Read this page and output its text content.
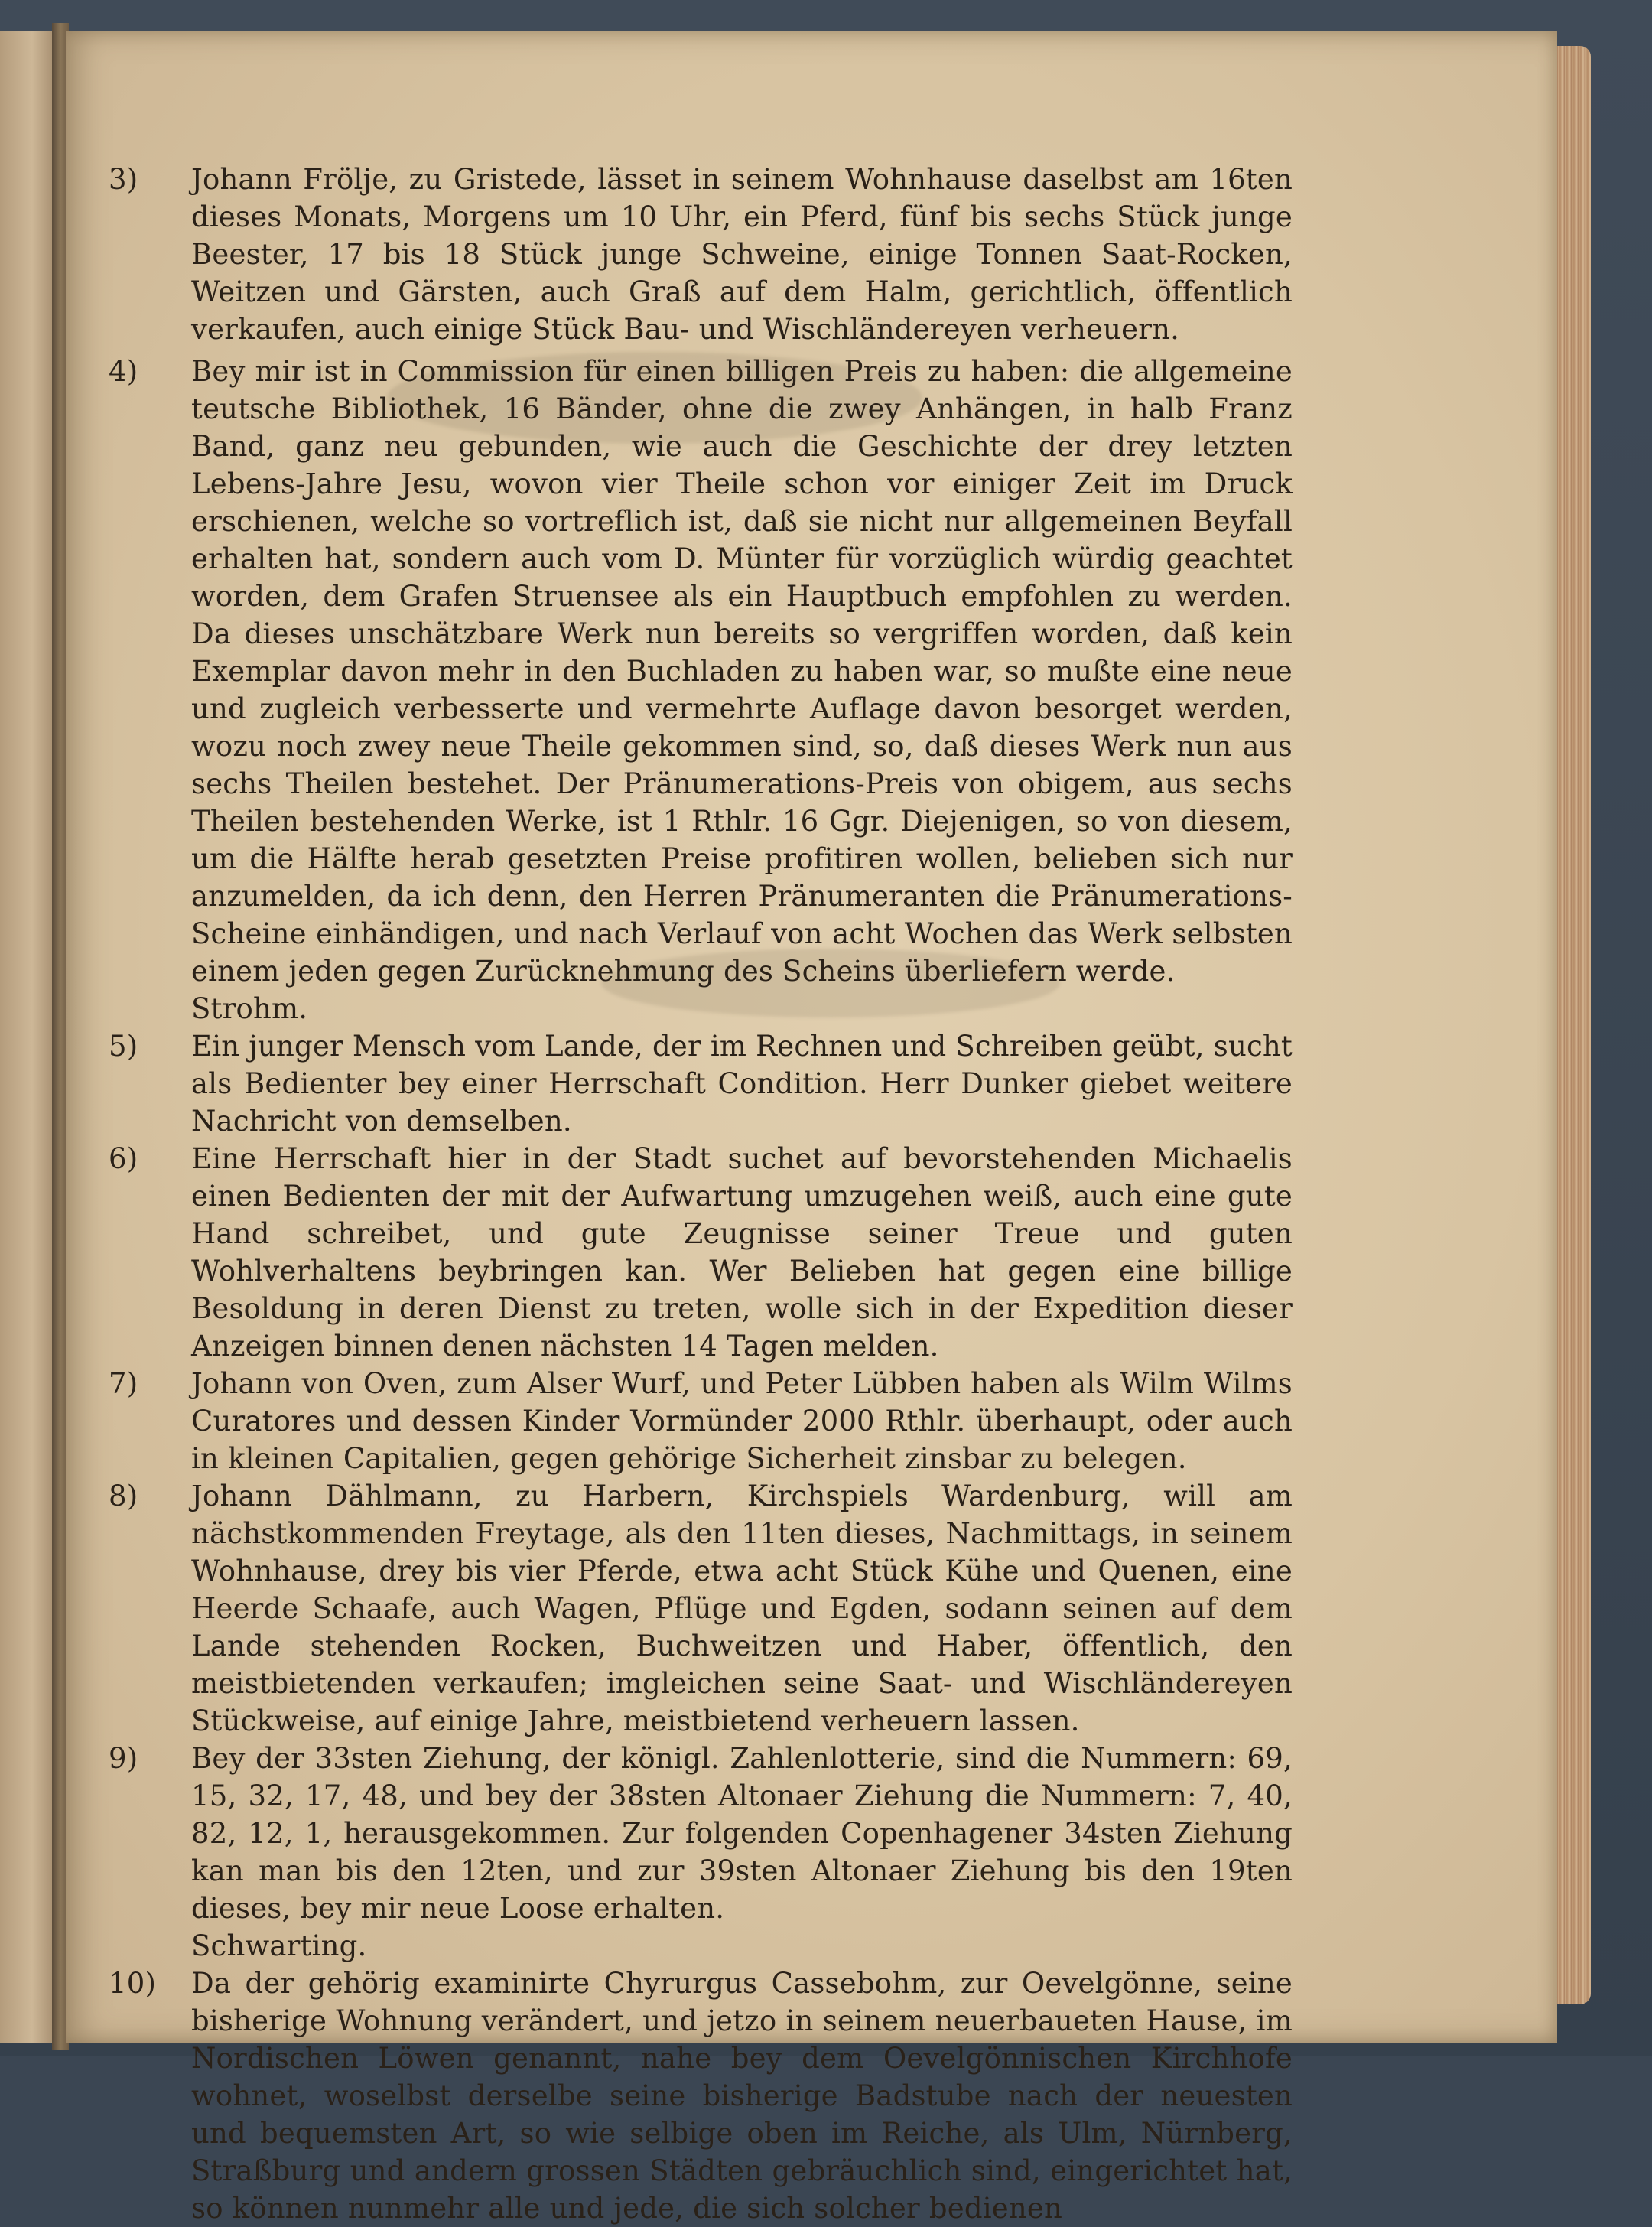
3)	Johann Frölje, zu Gristede, lässet in seinem Wohnhause daselbst am 16ten dieses Monats, Morgens um 10 Uhr, ein Pferd, fünf bis sechs Stück junge Beester, 17 bis 18 Stück junge Schweine, einige Tonnen Saat-Rocken, Weitzen und Gärsten, auch Graß auf dem Halm, gerichtlich, öffentlich verkaufen, auch einige Stück Bau- und Wischländereyen verheuern.

4)	Bey mir ist in Commission für einen billigen Preis zu haben: die allgemeine teutsche Bibliothek, 16 Bänder, ohne die zwey Anhängen, in halb Franz Band, ganz neu gebunden, wie auch die Geschichte der drey letzten Lebens-Jahre Jesu, wovon vier Theile schon vor einiger Zeit im Druck erschienen, welche so vortreflich ist, daß sie nicht nur allgemeinen Beyfall erhalten hat, sondern auch vom D. Münter für vorzüglich würdig geachtet worden, dem Grafen Struensee als ein Hauptbuch empfohlen zu werden. Da dieses unschätzbare Werk nun bereits so vergriffen worden, daß kein Exemplar davon mehr in den Buchladen zu haben war, so mußte eine neue und zugleich verbesserte und vermehrte Auflage davon besorget werden, wozu noch zwey neue Theile gekommen sind, so, daß dieses Werk nun aus sechs Theilen bestehet. Der Pränumerations-Preis von obigem, aus sechs Theilen bestehenden Werke, ist 1 Rthlr. 16 Ggr. Diejenigen, so von diesem, um die Hälfte herab gesetzten Preise profitiren wollen, belieben sich nur anzumelden, da ich denn, den Herren Pränumeranten die Pränumerations-Scheine einhändigen, und nach Verlauf von acht Wochen das Werk selbsten einem jeden gegen Zurücknehmung des Scheins überliefern werde.

Strohm.

5)	Ein junger Mensch vom Lande, der im Rechnen und Schreiben geübt, sucht als Bedienter bey einer Herrschaft Condition. Herr Dunker giebet weitere Nachricht von demselben.

6)	Eine Herrschaft hier in der Stadt suchet auf bevorstehenden Michaelis einen Bedienten der mit der Aufwartung umzugehen weiß, auch eine gute Hand schreibet, und gute Zeugnisse seiner Treue und guten Wohlverhaltens beybringen kan. Wer Belieben hat gegen eine billige Besoldung in deren Dienst zu treten, wolle sich in der Expedition dieser Anzeigen binnen denen nächsten 14 Tagen melden.

7)	Johann von Oven, zum Alser Wurf, und Peter Lübben haben als Wilm Wilms Curatores und dessen Kinder Vormünder 2000 Rthlr. überhaupt, oder auch in kleinen Capitalien, gegen gehörige Sicherheit zinsbar zu belegen.

8)	Johann Dählmann, zu Harbern, Kirchspiels Wardenburg, will am nächstkommenden Freytage, als den 11ten dieses, Nachmittags, in seinem Wohnhause, drey bis vier Pferde, etwa acht Stück Kühe und Quenen, eine Heerde Schaafe, auch Wagen, Pflüge und Egden, sodann seinen auf dem Lande stehenden Rocken, Buchweitzen und Haber, öffentlich, den meistbietenden verkaufen; imgleichen seine Saat- und Wischländereyen Stückweise, auf einige Jahre, meistbietend verheuern lassen.

9)	Bey der 33sten Ziehung, der königl. Zahlenlotterie, sind die Nummern: 69, 15, 32, 17, 48, und bey der 38sten Altonaer Ziehung die Nummern: 7, 40, 82, 12, 1, herausgekommen. Zur folgenden Copenhagener 34sten Ziehung kan man bis den 12ten, und zur 39sten Altonaer Ziehung bis den 19ten dieses, bey mir neue Loose erhalten.

Schwarting.

10)	Da der gehörig examinirte Chyrurgus Cassebohm, zur Oevelgönne, seine bisherige Wohnung verändert, und jetzo in seinem neuerbaueten Hause, im Nordischen Löwen genannt, nahe bey dem Oevelgönnischen Kirchhofe wohnet, woselbst derselbe seine bisherige Badstube nach der neuesten und bequemsten Art, so wie selbige oben im Reiche, als Ulm, Nürnberg, Straßburg und andern grossen Städten gebräuchlich sind, eingerichtet hat, so können nunmehr alle und jede, die sich solcher bedienen
